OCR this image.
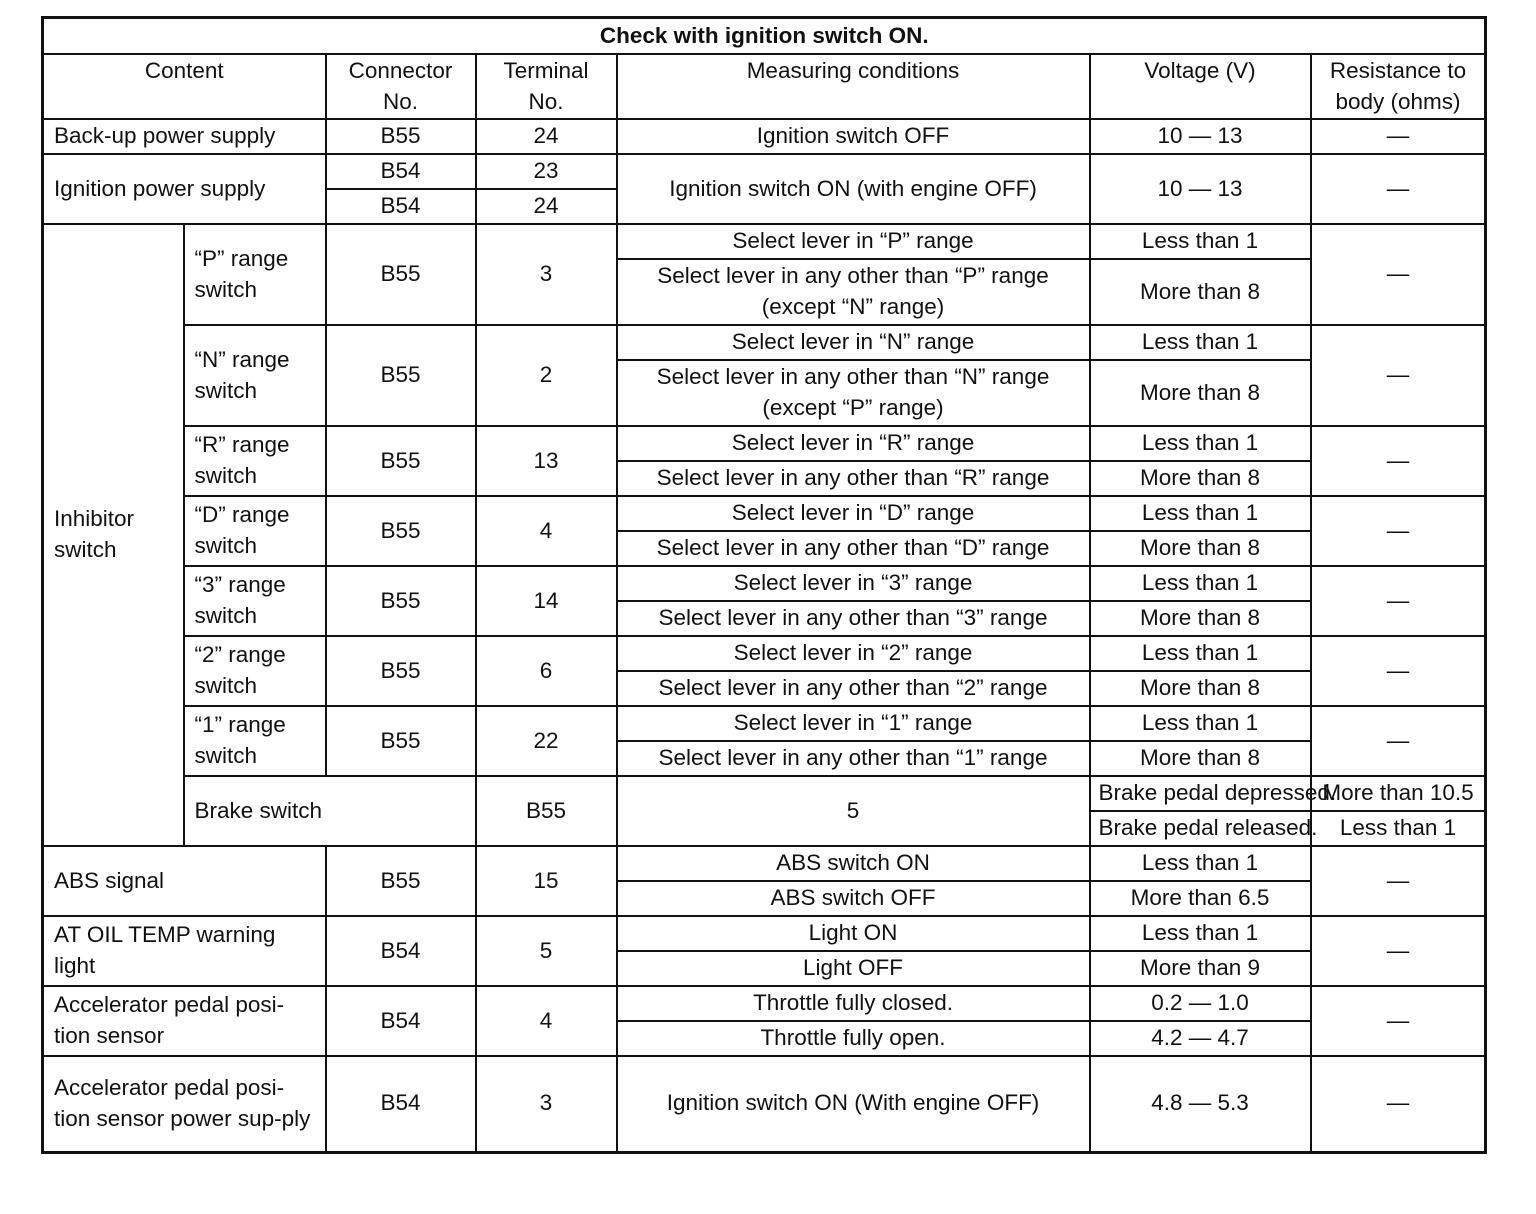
Check with ignition switch ON.							
Content		Connector No.	Terminal No.	Measuring conditions	Voltage (V)	Resistance to body (ohms)	
Back-up power supply		B55	24	Ignition switch OFF	10 — 13	—	
Ignition power supply		B54	23	Ignition switch ON (with engine OFF)	10 — 13	—	
		B54	24				
Inhibitor switch	“P” range switch	B55	3	Select lever in “P” range	Less than 1	—	
				Select lever in any other than “P” range (except “N” range)	More than 8		
	“N” range switch	B55	2	Select lever in “N” range	Less than 1	—	
				Select lever in any other than “N” range (except “P” range)	More than 8		
	“R” range switch	B55	13	Select lever in “R” range	Less than 1	—	
				Select lever in any other than “R” range	More than 8		
	“D” range switch	B55	4	Select lever in “D” range	Less than 1	—	
				Select lever in any other than “D” range	More than 8		
	“3” range switch	B55	14	Select lever in “3” range	Less than 1	—	
				Select lever in any other than “3” range	More than 8		
	“2” range switch	B55	6	Select lever in “2” range	Less than 1	—	
				Select lever in any other than “2” range	More than 8		
	“1” range switch	B55	22	Select lever in “1” range	Less than 1	—	
				Select lever in any other than “1” range	More than 8		
	Brake switch		B55	5	Brake pedal depressed.	More than 10.5	
					Brake pedal released.	Less than 1	
ABS signal		B55	15	ABS switch ON	Less than 1	—	
				ABS switch OFF	More than 6.5		
AT OIL TEMP warning light		B54	5	Light ON	Less than 1	—	
				Light OFF	More than 9		
Accelerator pedal posi-tion sensor		B54	4	Throttle fully closed.	0.2 — 1.0	—	
				Throttle fully open.	4.2 — 4.7		
Accelerator pedal posi-tion sensor power sup-ply		B54	3	Ignition switch ON (With engine OFF)	4.8 — 5.3	—	
